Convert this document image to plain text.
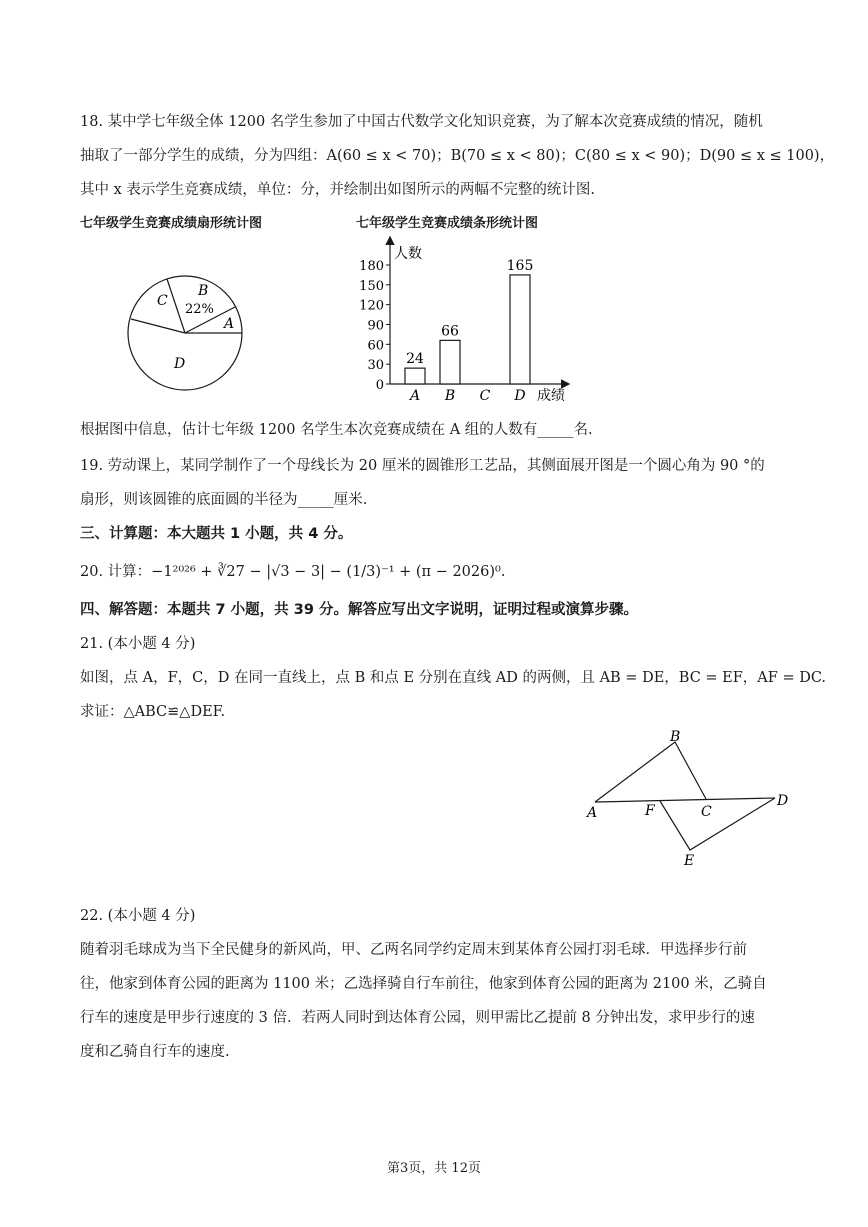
18. 某中学七年级全体 1200 名学生参加了中国古代数学文化知识竞赛，为了解本次竞赛成绩的情况，随机
抽取了一部分学生的成绩，分为四组：A(60 ≤ x < 70)；B(70 ≤ x < 80)；C(80 ≤ x < 90)；D(90 ≤ x ≤ 100)，
其中 x 表示学生竞赛成绩，单位：分，并绘制出如图所示的两幅不完整的统计图.
七年级学生竞赛成绩扇形统计图	七年级学生竞赛成绩条形统计图
B
22%
C
A
D
人数
成绩
0
30
60
90
120
150
180
A
24
B
66
C D
165
根据图中信息，估计七年级 1200 名学生本次竞赛成绩在 A 组的人数有_____名.
19. 劳动课上，某同学制作了一个母线长为 20 厘米的圆锥形工艺品，其侧面展开图是一个圆心角为 90 °的
扇形，则该圆锥的底面圆的半径为_____厘米.
三、计算题：本大题共 1 小题，共 4 分。
20. 计算：−1²⁰²⁶ + ∛27 − |√3 − 3| − (1/3)⁻¹ + (π − 2026)⁰.
四、解答题：本题共 7 小题，共 39 分。解答应写出文字说明，证明过程或演算步骤。
21. (本小题 4 分)
如图，点 A，F，C，D 在同一直线上，点 B 和点 E 分别在直线 AD 的两侧，且 AB = DE，BC = EF，AF = DC.
求证：△ABC≌△DEF.
A
B
C
D
E
F
22. (本小题 4 分)
随着羽毛球成为当下全民健身的新风尚，甲、乙两名同学约定周末到某体育公园打羽毛球．甲选择步行前
往，他家到体育公园的距离为 1100 米；乙选择骑自行车前往，他家到体育公园的距离为 2100 米，乙骑自
行车的速度是甲步行速度的 3 倍．若两人同时到达体育公园，则甲需比乙提前 8 分钟出发，求甲步行的速
度和乙骑自行车的速度.
第3页，共 12页
